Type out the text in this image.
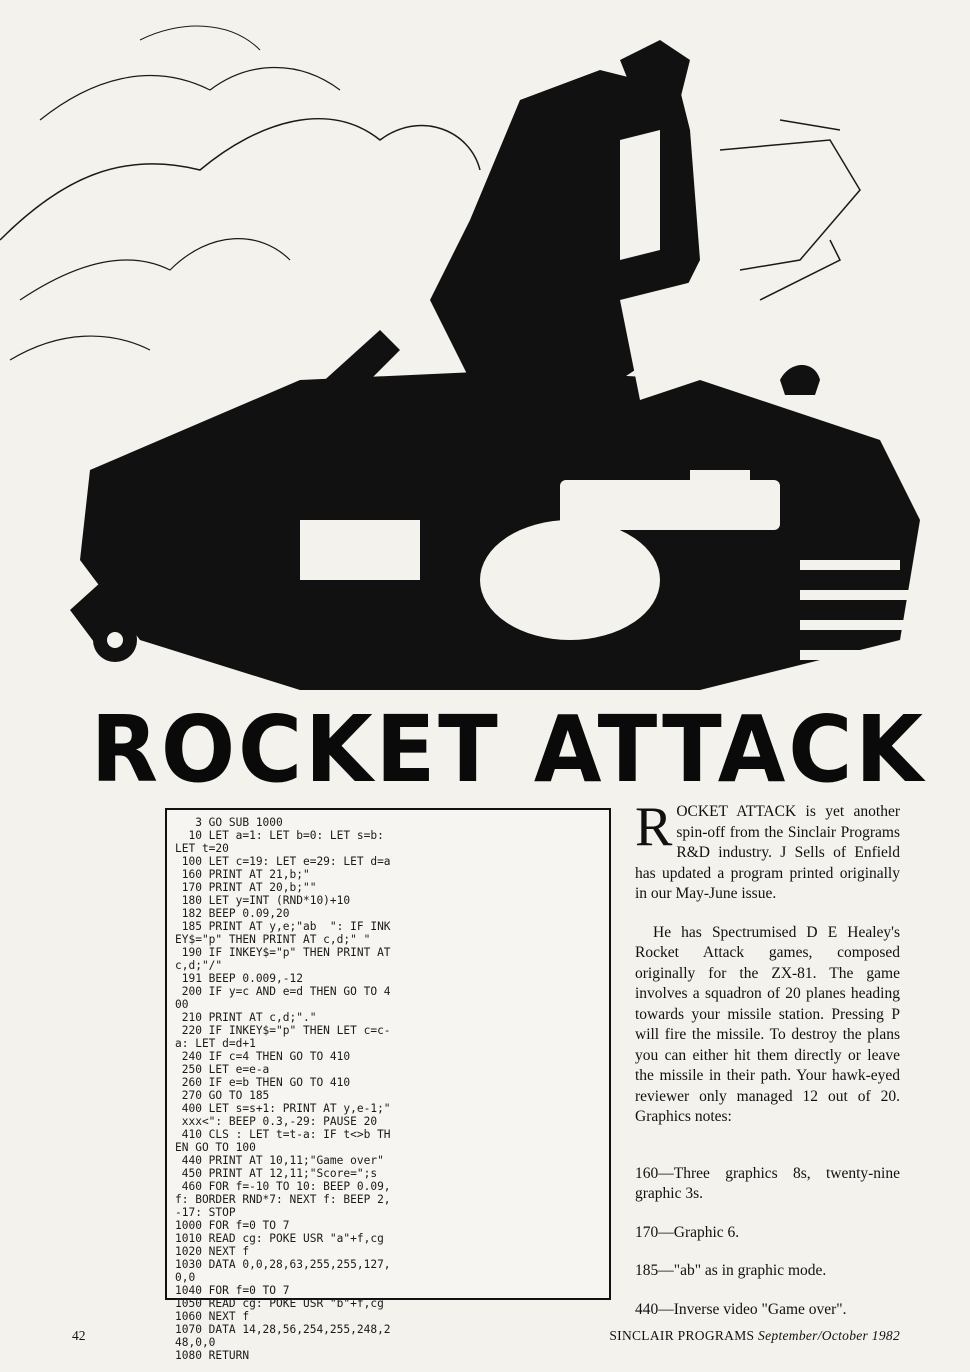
ROCKET ATTACK
3 GO SUB 1000
10 LET a=1: LET b=0: LET s=b:
LET t=20
100 LET c=19: LET e=29: LET d=a
160 PRINT AT 21,b;"
170 PRINT AT 20,b;""
180 LET y=INT (RND*10)+10
182 BEEP 0.09,20
185 PRINT AT y,e;"ab  ": IF INK
EY$="p" THEN PRINT AT c,d;" "
190 IF INKEY$="p" THEN PRINT AT
c,d;"/"
191 BEEP 0.009,-12
200 IF y=c AND e=d THEN GO TO 4
00
210 PRINT AT c,d;"."
220 IF INKEY$="p" THEN LET c=c-
a: LET d=d+1
240 IF c=4 THEN GO TO 410
250 LET e=e-a
260 IF e=b THEN GO TO 410
270 GO TO 185
400 LET s=s+1: PRINT AT y,e-1;"
xxx<": BEEP 0.3,-29: PAUSE 20
410 CLS : LET t=t-a: IF t<>b TH
EN GO TO 100
440 PRINT AT 10,11;"Game over"
450 PRINT AT 12,11;"Score=";s
460 FOR f=-10 TO 10: BEEP 0.09,
f: BORDER RND*7: NEXT f: BEEP 2,
-17: STOP
1000 FOR f=0 TO 7
1010 READ cg: POKE USR "a"+f,cg
1020 NEXT f
1030 DATA 0,0,28,63,255,255,127,
0,0
1040 FOR f=0 TO 7
1050 READ cg: POKE USR "b"+f,cg
1060 NEXT f
1070 DATA 14,28,56,254,255,248,2
48,0,0
1080 RETURN

ROCKET ATTACK is yet another spin-off from the Sinclair Programs R&D industry. J Sells of Enfield has updated a program printed originally in our May-June issue.

He has Spectrumised D E Healey's Rocket Attack games, composed originally for the ZX-81. The game involves a squadron of 20 planes heading towards your missile station. Pressing P will fire the missile. To destroy the plans you can either hit them directly or leave the missile in their path. Your hawk-eyed reviewer only managed 12 out of 20. Graphics notes:

160—Three graphics 8s, twenty-nine graphic 3s.

170—Graphic 6.

185—"ab" as in graphic mode.

440—Inverse video "Game over".

42	SINCLAIR PROGRAMS September/October 1982
